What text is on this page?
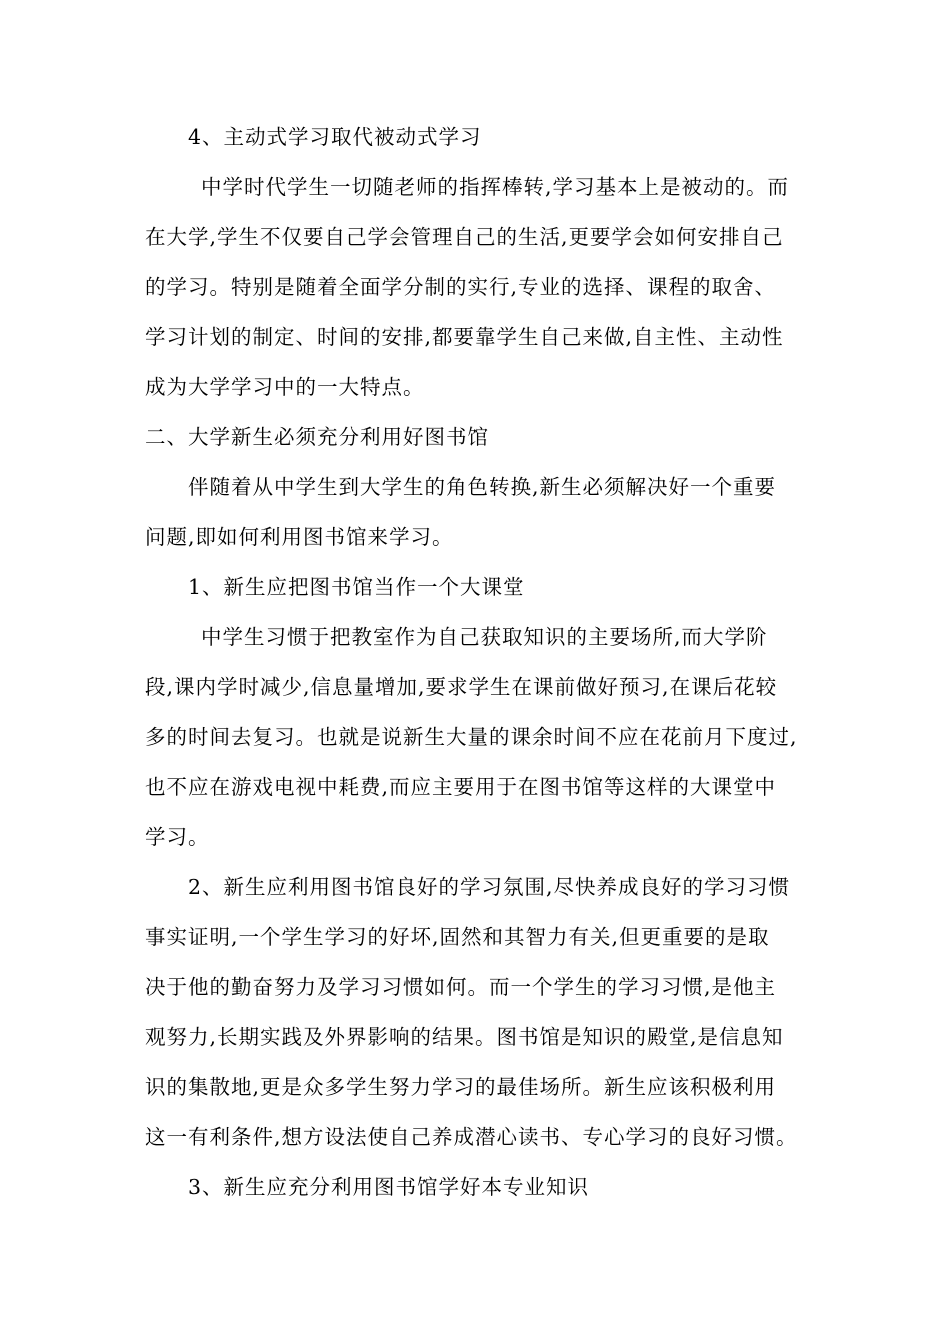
4、主动式学习取代被动式学习
中学时代学生一切随老师的指挥棒转,学习基本上是被动的。而
在大学,学生不仅要自己学会管理自己的生活,更要学会如何安排自己
的学习。特别是随着全面学分制的实行,专业的选择、课程的取舍、
学习计划的制定、时间的安排,都要靠学生自己来做,自主性、主动性
成为大学学习中的一大特点。
二、大学新生必须充分利用好图书馆
伴随着从中学生到大学生的角色转换,新生必须解决好一个重要
问题,即如何利用图书馆来学习。
1、新生应把图书馆当作一个大课堂
中学生习惯于把教室作为自己获取知识的主要场所,而大学阶
段,课内学时减少,信息量增加,要求学生在课前做好预习,在课后花较
多的时间去复习。也就是说新生大量的课余时间不应在花前月下度过,
也不应在游戏电视中耗费,而应主要用于在图书馆等这样的大课堂中
学习。
2、新生应利用图书馆良好的学习氛围,尽快养成良好的学习习惯
事实证明,一个学生学习的好坏,固然和其智力有关,但更重要的是取
决于他的勤奋努力及学习习惯如何。而一个学生的学习习惯,是他主
观努力,长期实践及外界影响的结果。图书馆是知识的殿堂,是信息知
识的集散地,更是众多学生努力学习的最佳场所。新生应该积极利用
这一有利条件,想方设法使自己养成潜心读书、专心学习的良好习惯。
3、新生应充分利用图书馆学好本专业知识
